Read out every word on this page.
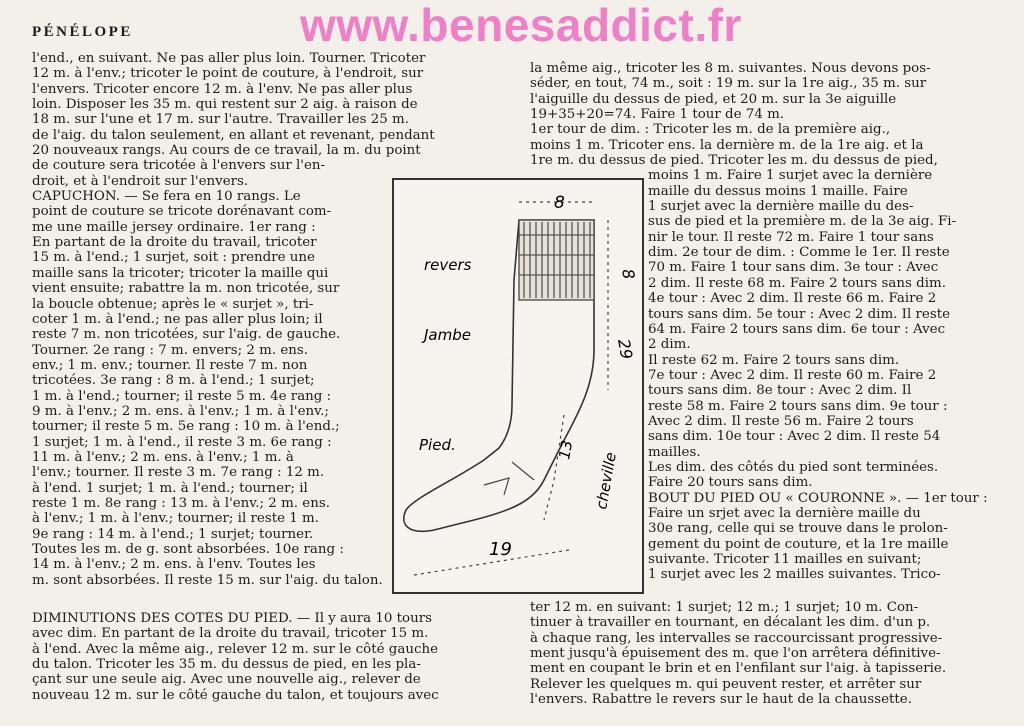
PÉNÉLOPE	www.benesaddict.fr
l'end., en suivant. Ne pas aller plus loin. Tourner. Tricoter
12 m. à l'env.; tricoter le point de couture, à l'endroit, sur
l'envers. Tricoter encore 12 m. à l'env. Ne pas aller plus
loin. Disposer les 35 m. qui restent sur 2 aig. à raison de
18 m. sur l'une et 17 m. sur l'autre. Travailler les 25 m.
de l'aig. du talon seulement, en allant et revenant, pendant
20 nouveaux rangs. Au cours de ce travail, la m. du point
de couture sera tricotée à l'envers sur l'en-
droit, et à l'endroit sur l'envers.
CAPUCHON. — Se fera en 10 rangs. Le
point de couture se tricote dorénavant com-
me une maille jersey ordinaire. 1er rang :
En partant de la droite du travail, tricoter
15 m. à l'end.; 1 surjet, soit : prendre une
maille sans la tricoter; tricoter la maille qui
vient ensuite; rabattre la m. non tricotée, sur
la boucle obtenue; après le « surjet », tri-
coter 1 m. à l'end.; ne pas aller plus loin; il
reste 7 m. non tricotées, sur l'aig. de gauche.
Tourner. 2e rang : 7 m. envers; 2 m. ens.
env.; 1 m. env.; tourner. Il reste 7 m. non
tricotées. 3e rang : 8 m. à l'end.; 1 surjet;
1 m. à l'end.; tourner; il reste 5 m. 4e rang :
9 m. à l'env.; 2 m. ens. à l'env.; 1 m. à l'env.;
tourner; il reste 5 m. 5e rang : 10 m. à l'end.;
1 surjet; 1 m. à l'end., il reste 3 m. 6e rang :
11 m. à l'env.; 2 m. ens. à l'env.; 1 m. à
l'env.; tourner. Il reste 3 m. 7e rang : 12 m.
à l'end. 1 surjet; 1 m. à l'end.; tourner; il
reste 1 m. 8e rang : 13 m. à l'env.; 2 m. ens.
à l'env.; 1 m. à l'env.; tourner; il reste 1 m.
9e rang : 14 m. à l'end.; 1 surjet; tourner.
Toutes les m. de g. sont absorbées. 10e rang :
14 m. à l'env.; 2 m. ens. à l'env. Toutes les
m. sont absorbées. Il reste 15 m. sur l'aig. du talon.
la même aig., tricoter les 8 m. suivantes. Nous devons pos-
séder, en tout, 74 m., soit : 19 m. sur la 1re aig., 35 m. sur
l'aiguille du dessus de pied, et 20 m. sur la 3e aiguille
19+35+20=74. Faire 1 tour de 74 m.
1er tour de dim. : Tricoter les m. de la première aig.,
moins 1 m. Tricoter ens. la dernière m. de la 1re aig. et la
1re m. du dessus de pied. Tricoter les m. du dessus de pied,
moins 1 m. Faire 1 surjet avec la dernière
maille du dessus moins 1 maille. Faire
1 surjet avec la dernière maille du des-
sus de pied et la première m. de la 3e aig. Fi-
nir le tour. Il reste 72 m. Faire 1 tour sans
dim. 2e tour de dim. : Comme le 1er. Il reste
70 m. Faire 1 tour sans dim. 3e tour : Avec
2 dim. Il reste 68 m. Faire 2 tours sans dim.
4e tour : Avec 2 dim. Il reste 66 m. Faire 2
tours sans dim. 5e tour : Avec 2 dim. Il reste
64 m. Faire 2 tours sans dim. 6e tour : Avec
2 dim.
Il reste 62 m. Faire 2 tours sans dim.
7e tour : Avec 2 dim. Il reste 60 m. Faire 2
tours sans dim. 8e tour : Avec 2 dim. Il
reste 58 m. Faire 2 tours sans dim. 9e tour :
Avec 2 dim. Il reste 56 m. Faire 2 tours
sans dim. 10e tour : Avec 2 dim. Il reste 54
mailles.
Les dim. des côtés du pied sont terminées.
Faire 20 tours sans dim.
BOUT DU PIED OU « COURONNE ». — 1er tour :
Faire un srjet avec la dernière maille du
30e rang, celle qui se trouve dans le prolon-
gement du point de couture, et la 1re maille
suivante. Tricoter 11 mailles en suivant;
1 surjet avec les 2 mailles suivantes. Trico-
DIMINUTIONS DES CÔTÉS DU PIED. — Il y aura 10 tours
avec dim. En partant de la droite du travail, tricoter 15 m.
à l'end. Avec la même aig., relever 12 m. sur le côté gauche
du talon. Tricoter les 35 m. du dessus de pied, en les pla-
çant sur une seule aig. Avec une nouvelle aig., relever de
nouveau 12 m. sur le côté gauche du talon, et toujours avec
ter 12 m. en suivant: 1 surjet; 12 m.; 1 surjet; 10 m. Con-
tinuer à travailler en tournant, en décalant les dim. d'un p.
à chaque rang, les intervalles se raccourcissant progressive-
ment jusqu'à épuisement des m. que l'on arrêtera définitive-
ment en coupant le brin et en l'enfilant sur l'aig. à tapisserie.
Relever les quelques m. qui peuvent rester, et arrêter sur
l'envers. Rabattre le revers sur le haut de la chaussette.
revers
Jambe
Pied.
cheville
8
8
29
13
19
